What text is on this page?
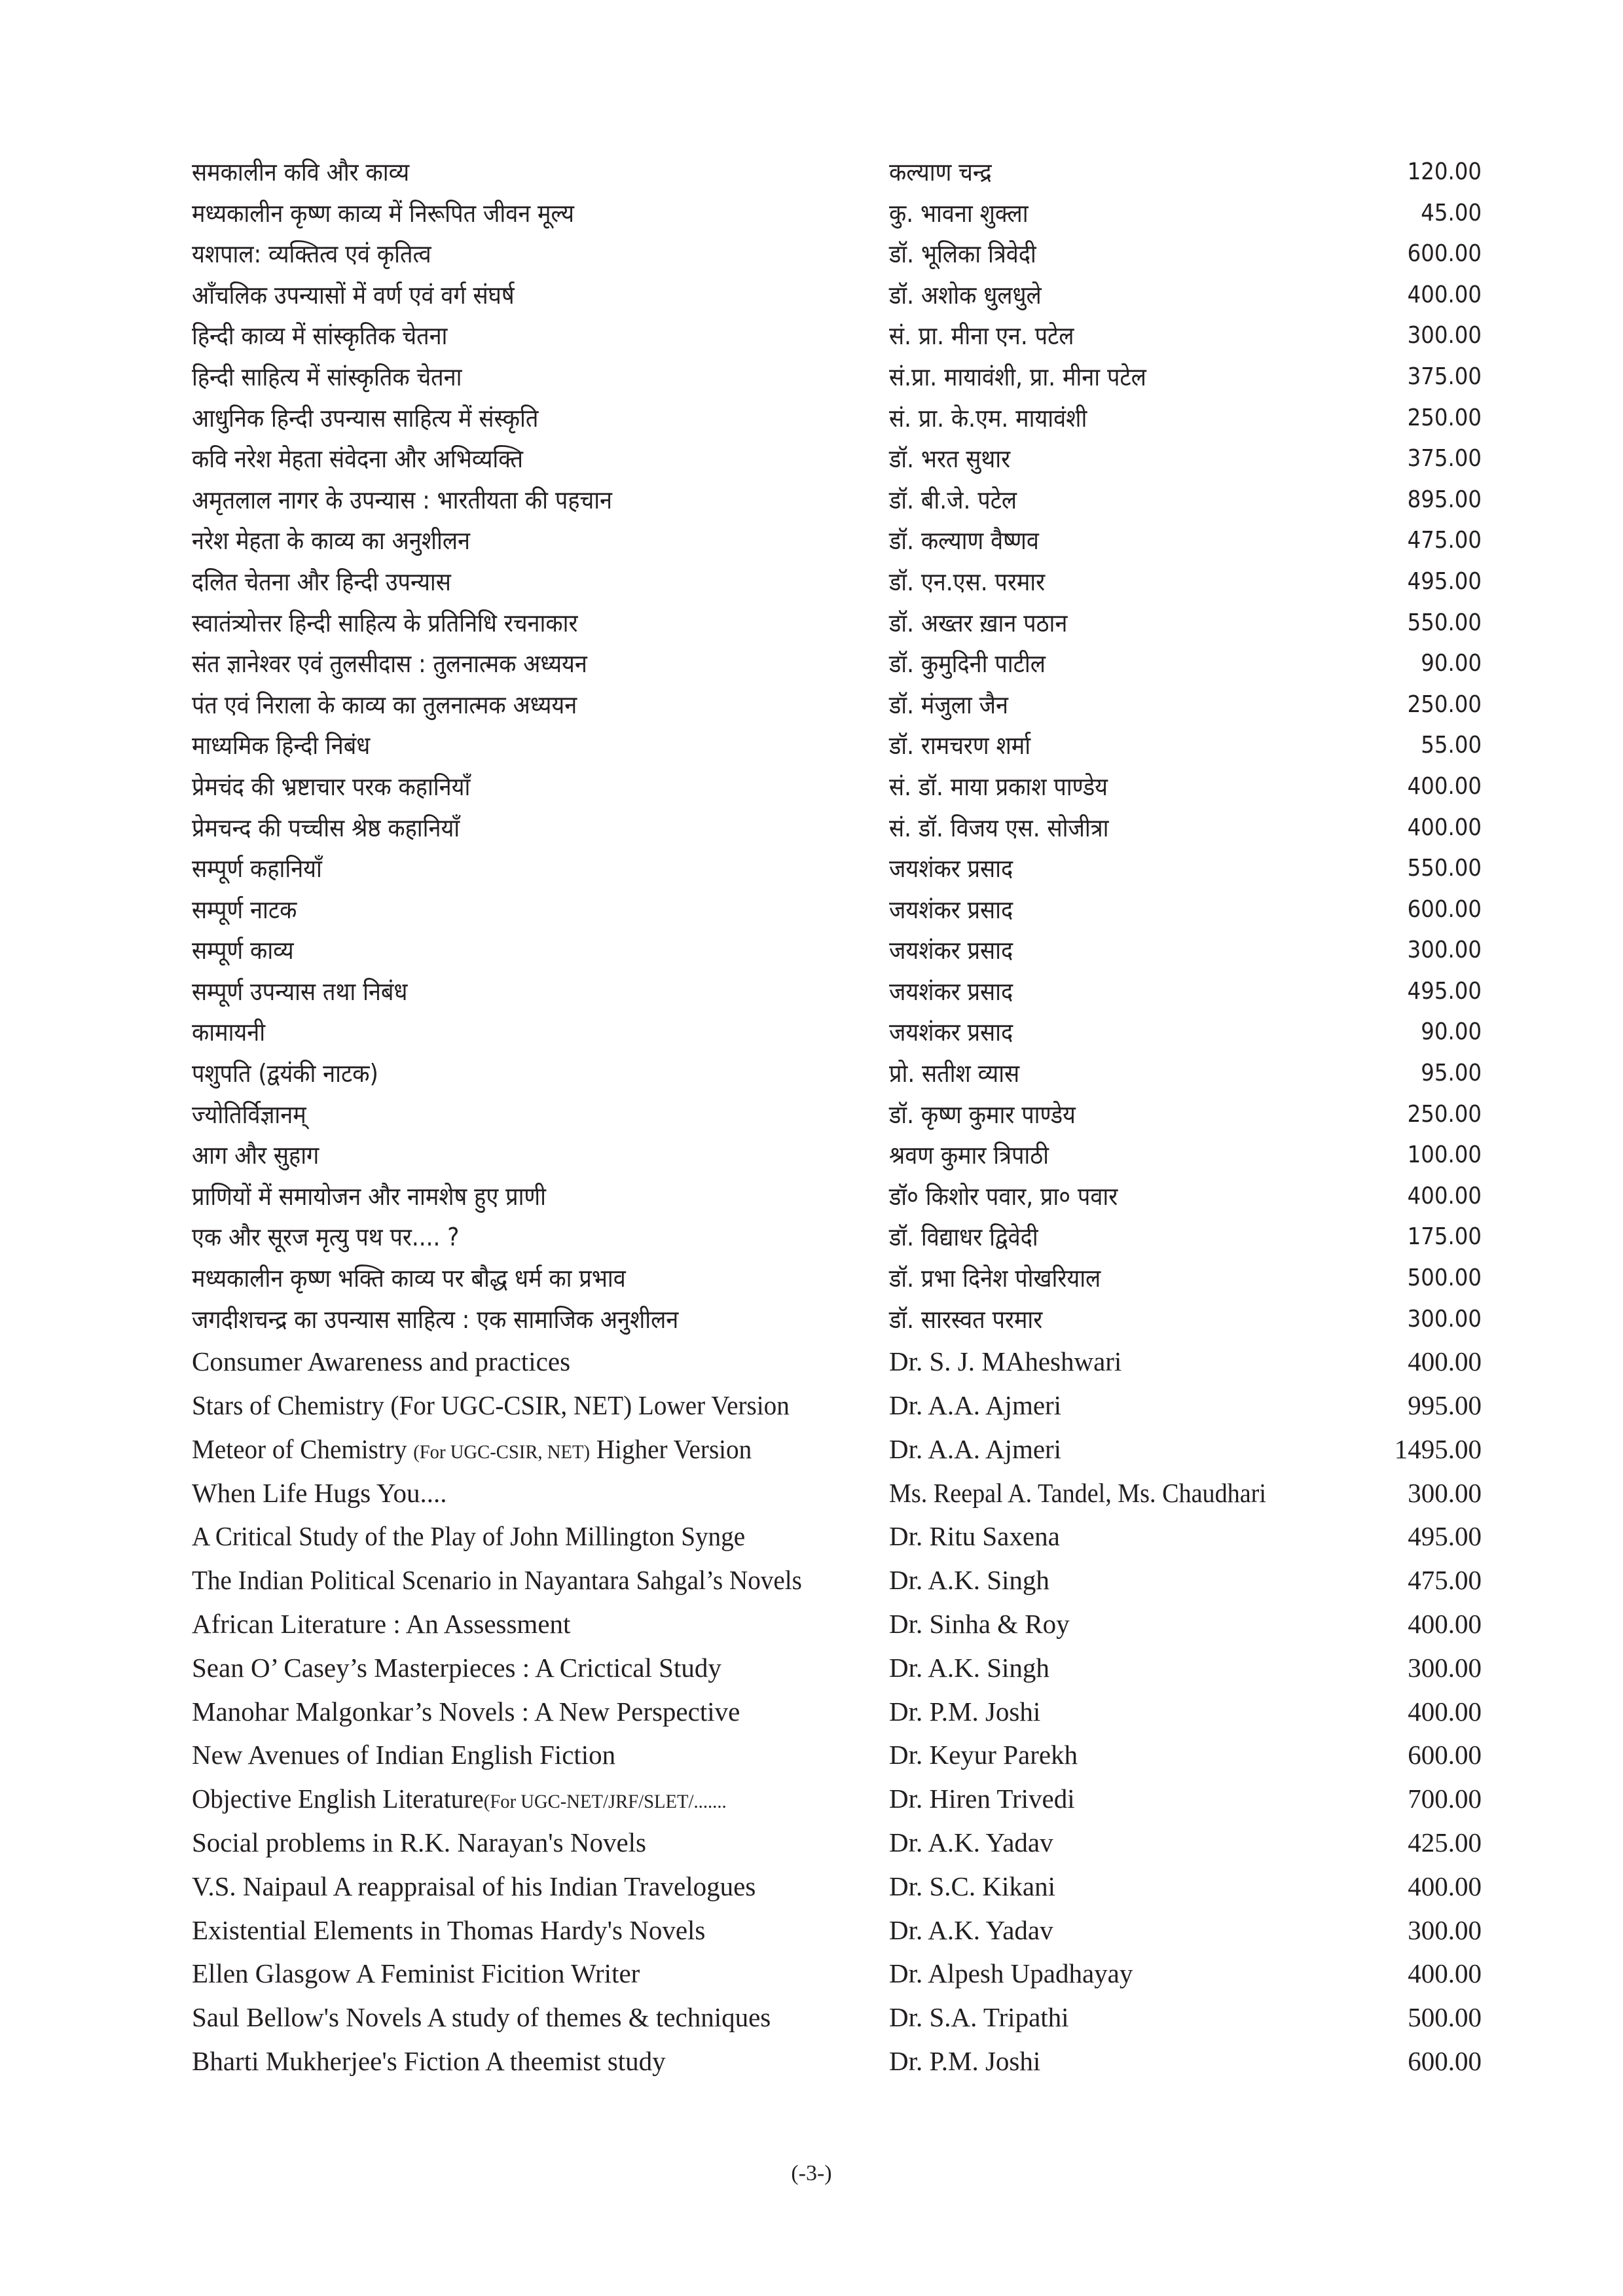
समकालीन कवि और काव्य	कल्याण चन्द्र	120.00
मध्यकालीन कृष्ण काव्य में निरूपित जीवन मूल्य	कु. भावना शुक्ला	45.00
यशपाल: व्यक्तित्व एवं कृतित्व	डॉ. भूलिका त्रिवेदी	600.00
आँचलिक उपन्यासों में वर्ण एवं वर्ग संघर्ष	डॉ. अशोक धुलधुले	400.00
हिन्दी काव्य में सांस्कृतिक चेतना	सं. प्रा. मीना एन. पटेल	300.00
हिन्दी साहित्य में सांस्कृतिक चेतना	सं.प्रा. मायावंशी, प्रा. मीना पटेल	375.00
आधुनिक हिन्दी उपन्यास साहित्य में संस्कृति	सं. प्रा. के.एम. मायावंशी	250.00
कवि नरेश मेहता संवेदना और अभिव्यक्ति	डॉ. भरत सुथार	375.00
अमृतलाल नागर के उपन्यास : भारतीयता की पहचान	डॉ. बी.जे. पटेल	895.00
नरेश मेहता के काव्य का अनुशीलन	डॉ. कल्याण वैष्णव	475.00
दलित चेतना और हिन्दी उपन्यास	डॉ. एन.एस. परमार	495.00
स्वातंत्र्योत्तर हिन्दी साहित्य के प्रतिनिधि रचनाकार	डॉ. अख्तर ख़ान पठान	550.00
संत ज्ञानेश्वर एवं तुलसीदास : तुलनात्मक अध्ययन	डॉ. कुमुदिनी पाटील	90.00
पंत एवं निराला के काव्य का तुलनात्मक अध्ययन	डॉ. मंजुला जैन	250.00
माध्यमिक हिन्दी निबंध	डॉ. रामचरण शर्मा	55.00
प्रेमचंद की भ्रष्टाचार परक कहानियाँ	सं. डॉ. माया प्रकाश पाण्डेय	400.00
प्रेमचन्द की पच्चीस श्रेष्ठ कहानियाँ	सं. डॉ. विजय एस. सोजीत्रा	400.00
सम्पूर्ण कहानियाँ	जयशंकर प्रसाद	550.00
सम्पूर्ण नाटक	जयशंकर प्रसाद	600.00
सम्पूर्ण काव्य	जयशंकर प्रसाद	300.00
सम्पूर्ण उपन्यास तथा निबंध	जयशंकर प्रसाद	495.00
कामायनी	जयशंकर प्रसाद	90.00
पशुपति (द्वयंकी नाटक)	प्रो. सतीश व्यास	95.00
ज्योतिर्विज्ञानम्	डॉ. कृष्ण कुमार पाण्डेय	250.00
आग और सुहाग	श्रवण कुमार त्रिपाठी	100.00
प्राणियों में समायोजन और नामशेष हुए प्राणी	डॉ० किशोर पवार, प्रा० पवार	400.00
एक और सूरज मृत्यु पथ पर.... ?	डॉ. विद्याधर द्विवेदी	175.00
मध्यकालीन कृष्ण भक्ति काव्य पर बौद्ध धर्म का प्रभाव	डॉ. प्रभा दिनेश पोखरियाल	500.00
जगदीशचन्द्र का उपन्यास साहित्य : एक सामाजिक अनुशीलन	डॉ. सारस्वत परमार	300.00
Consumer Awareness and practices	Dr. S. J. MAheshwari	400.00
Stars of Chemistry (For UGC-CSIR, NET) Lower Version	Dr. A.A. Ajmeri	995.00
Meteor of Chemistry (For UGC-CSIR, NET) Higher Version	Dr. A.A. Ajmeri	1495.00
When Life Hugs You....	Ms. Reepal A. Tandel, Ms. Chaudhari	300.00
A Critical Study of the Play of John Millington Synge	Dr. Ritu Saxena	495.00
The Indian Political Scenario in Nayantara Sahgal’s Novels	Dr. A.K. Singh	475.00
African Literature : An Assessment	Dr. Sinha & Roy	400.00
Sean O’ Casey’s Masterpieces : A Crictical Study	Dr. A.K. Singh	300.00
Manohar Malgonkar’s Novels : A New Perspective	Dr. P.M. Joshi	400.00
New Avenues of Indian English Fiction	Dr. Keyur Parekh	600.00
Objective English Literature(For UGC-NET/JRF/SLET/.......	Dr. Hiren Trivedi	700.00
Social problems in R.K. Narayan's Novels	Dr. A.K. Yadav	425.00
V.S. Naipaul A reappraisal of his Indian Travelogues	Dr. S.C. Kikani	400.00
Existential Elements in Thomas Hardy's Novels	Dr. A.K. Yadav	300.00
Ellen Glasgow A Feminist Ficition Writer	Dr. Alpesh Upadhayay	400.00
Saul Bellow's Novels A study of themes & techniques	Dr. S.A. Tripathi	500.00
Bharti Mukherjee's Fiction A theemist study	Dr. P.M. Joshi	600.00
(-3-)
